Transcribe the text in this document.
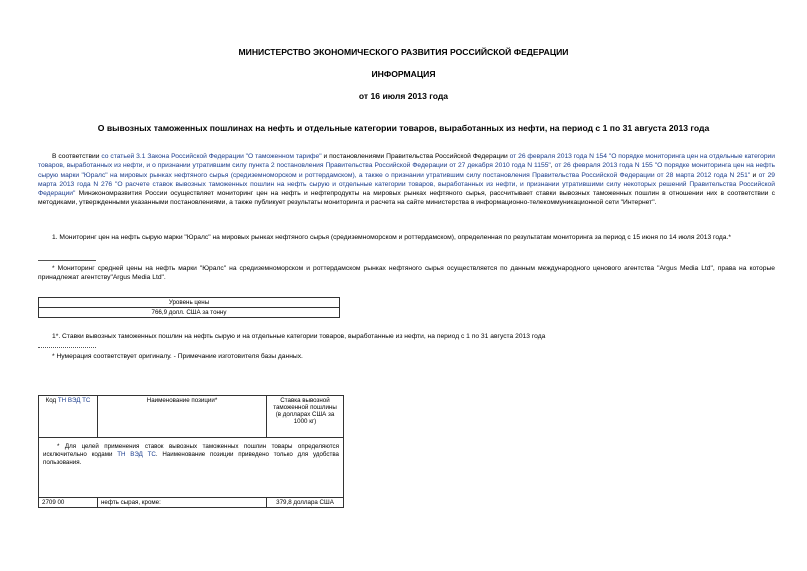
МИНИСТЕРСТВО ЭКОНОМИЧЕСКОГО РАЗВИТИЯ РОССИЙСКОЙ ФЕДЕРАЦИИ
ИНФОРМАЦИЯ
от 16 июля 2013 года
О вывозных таможенных пошлинах на нефть и отдельные категории товаров, выработанных из нефти, на период с 1 по 31 августа 2013 года
В соответствии со статьей 3.1 Закона Российской Федерации "О таможенном тарифе" и постановлениями Правительства Российской Федерации от 26 февраля 2013 года N 154 "О порядке мониторинга цен на отдельные категории товаров, выработанных из нефти, и о признании утратившим силу пункта 2 постановления Правительства Российской Федерации от 27 декабря 2010 года N 1155", от 26 февраля 2013 года N 155 "О порядке мониторинга цен на нефть сырую марки "Юралс" на мировых рынках нефтяного сырья (средиземноморском и роттердамском), а также о признании утратившим силу постановления Правительства Российской Федерации от 28 марта 2012 года N 251" и от 29 марта 2013 года N 276 "О расчете ставок вывозных таможенных пошлин на нефть сырую и отдельные категории товаров, выработанных из нефти, и признании утратившими силу некоторых решений Правительства Российской Федерации" Минэкономразвития России осуществляет мониторинг цен на нефть и нефтепродукты на мировых рынках нефтяного сырья, рассчитывает ставки вывозных таможенных пошлин в отношении них в соответствии с методиками, утвержденными указанными постановлениями, а также публикует результаты мониторинга и расчета на сайте министерства в информационно-телекоммуникационной сети "Интернет".
1. Мониторинг цен на нефть сырую марки "Юралс" на мировых рынках нефтяного сырья (средиземноморском и роттердамском), определенная по результатам мониторинга за период с 15 июня по 14 июля 2013 года.*
* Мониторинг средней цены на нефть марки "Юралс" на средиземноморском и роттердамском рынках нефтяного сырья осуществляется по данным международного ценового агентства "Argus Media Ltd", права на которые принадлежат агентству"Argus Media Ltd".
Уровень цены
766,9 долл. США за тонну
1*. Ставки вывозных таможенных пошлин на нефть сырую и на отдельные категории товаров, выработанные из нефти, на период с 1 по 31 августа 2013 года
* Нумерация соответствует оригиналу. - Примечание изготовителя базы данных.
Код ТН ВЭД ТС	Наименование позиции*	Ставка вывозной таможенной пошлины (в долларах США за 1000 кг)
* Для целей применения ставок вывозных таможенных пошлин товары определяются исключительно кодами ТН ВЭД ТС. Наименование позиции приведено только для удобства пользования.		
2709 00	нефть сырая, кроме:	379,8 доллара США
